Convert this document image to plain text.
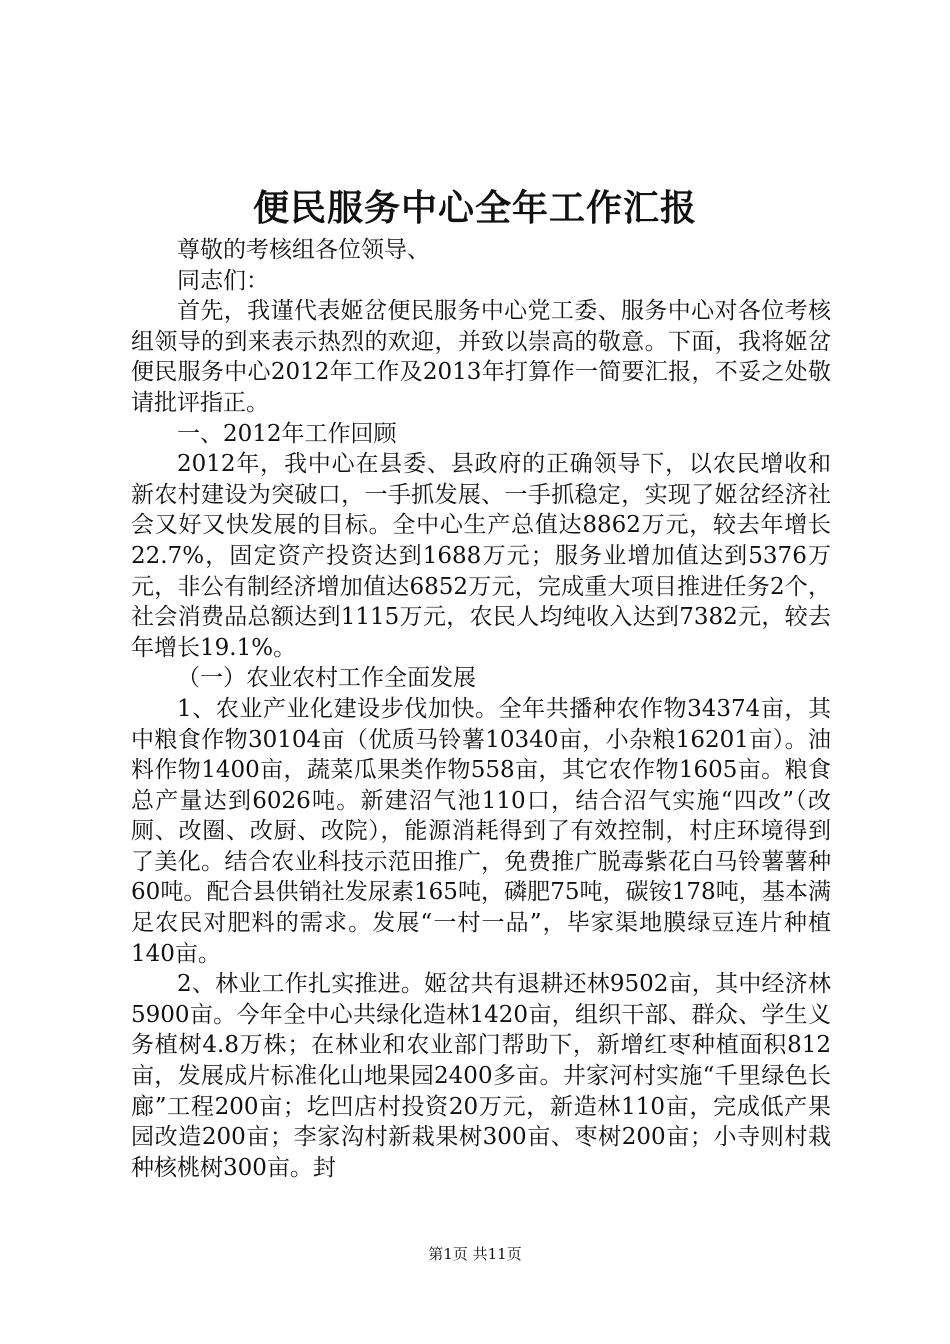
便民服务中心全年工作汇报

尊敬的考核组各位领导、

同志们：

首先，我谨代表姬岔便民服务中心党工委、服务中心对各位考核组领导的到来表示热烈的欢迎，并致以崇高的敬意。下面，我将姬岔便民服务中心2012年工作及2013年打算作一简要汇报，不妥之处敬请批评指正。

一、2012年工作回顾

2012年，我中心在县委、县政府的正确领导下，以农民增收和新农村建设为突破口，一手抓发展、一手抓稳定，实现了姬岔经济社会又好又快发展的目标。全中心生产总值达8862万元，较去年增长22.7%，固定资产投资达到1688万元；服务业增加值达到5376万元，非公有制经济增加值达6852万元，完成重大项目推进任务2个，社会消费品总额达到1115万元，农民人均纯收入达到7382元，较去年增长19.1%。

（一）农业农村工作全面发展

1、农业产业化建设步伐加快。全年共播种农作物34374亩，其中粮食作物30104亩（优质马铃薯10340亩，小杂粮16201亩）。油料作物1400亩，蔬菜瓜果类作物558亩，其它农作物1605亩。粮食总产量达到6026吨。新建沼气池110口，结合沼气实施“四改”（改厕、改圈、改厨、改院），能源消耗得到了有效控制，村庄环境得到了美化。结合农业科技示范田推广，免费推广脱毒紫花白马铃薯薯种60吨。配合县供销社发尿素165吨，磷肥75吨，碳铵178吨，基本满足农民对肥料的需求。发展“一村一品”，毕家渠地膜绿豆连片种植140亩。

2、林业工作扎实推进。姬岔共有退耕还林9502亩，其中经济林5900亩。今年全中心共绿化造林1420亩，组织干部、群众、学生义务植树4.8万株；在林业和农业部门帮助下，新增红枣种植面积812亩，发展成片标准化山地果园2400多亩。井家河村实施“千里绿色长廊”工程200亩；圪凹店村投资20万元，新造林110亩，完成低产果园改造200亩；李家沟村新栽果树300亩、枣树200亩；小寺则村栽种核桃树300亩。封

第1页 共11页
